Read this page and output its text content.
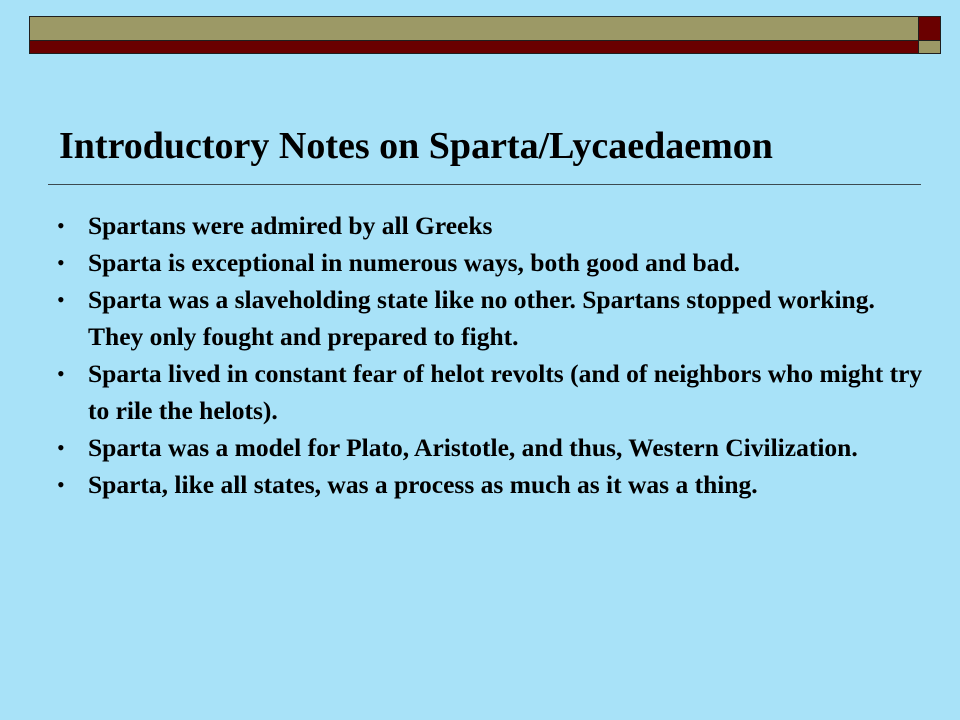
Introductory Notes on Sparta/Lycaedaemon
• Spartans were admired by all Greeks
• Sparta is exceptional in numerous ways, both good and bad.
• Sparta was a slaveholding state like no other. Spartans stopped working. They only fought and prepared to fight.
• Sparta lived in constant fear of helot revolts (and of neighbors who might try to rile the helots).
• Sparta was a model for Plato, Aristotle, and thus, Western Civilization.
• Sparta, like all states, was a process as much as it was a thing.
